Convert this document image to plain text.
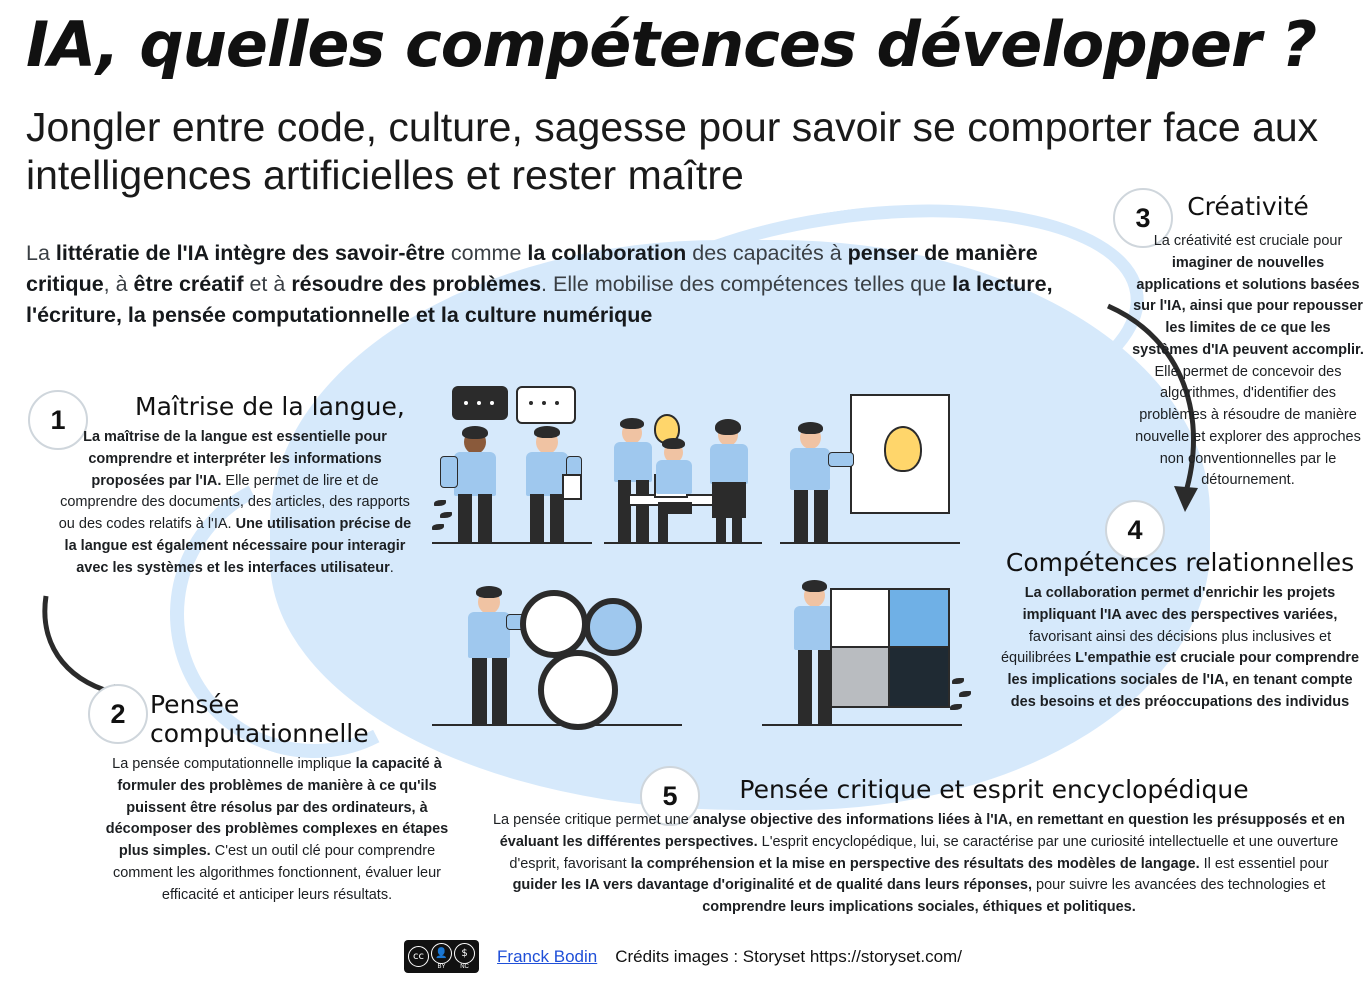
IA, quelles compétences développer ?
Jongler entre code, culture, sagesse pour savoir se comporter face aux intelligences artificielles et rester maître
La littératie de l'IA intègre des savoir-être comme la collaboration des capacités à penser de manière critique, à être créatif et à résoudre des problèmes. Elle mobilise des compétences telles que la lecture, l'écriture, la pensée computationnelle et la culture numérique
1
2
3
4
5
Maîtrise de la langue,

La maîtrise de la langue est essentielle pour comprendre et interpréter les informations proposées par l'IA. Elle permet de lire et de comprendre des documents, des articles, des rapports ou des codes relatifs à l'IA. Une utilisation précise de la langue est également nécessaire pour interagir avec les systèmes et les interfaces utilisateur.

Pensée computationnelle

La pensée computationnelle implique la capacité à formuler des problèmes de manière à ce qu'ils puissent être résolus par des ordinateurs, à décomposer des problèmes complexes en étapes plus simples. C'est un outil clé pour comprendre comment les algorithmes fonctionnent, évaluer leur efficacité et anticiper leurs résultats.

Créativité

La créativité est cruciale pour imaginer de nouvelles applications et solutions basées sur l'IA, ainsi que pour repousser les limites de ce que les systèmes d'IA peuvent accomplir. Elle permet de concevoir des algorithmes, d'identifier des problèmes à résoudre de manière nouvelle et explorer des approches non conventionnelles par le détournement.

Compétences relationnelles

La collaboration permet d'enrichir les projets impliquant l'IA avec des perspectives variées, favorisant ainsi des décisions plus inclusives et équilibrées L'empathie est cruciale pour comprendre les implications sociales de l'IA, en tenant compte des besoins et des préoccupations des individus

Pensée critique et esprit encyclopédique

La pensée critique permet une analyse objective des informations liées à l'IA, en remettant en question les présupposés et en évaluant les différentes perspectives. L'esprit encyclopédique, lui, se caractérise par une curiosité intellectuelle et une ouverture d'esprit, favorisant la compréhension et la mise en perspective des résultats des modèles de langage. Il est essentiel pour guider les IA vers davantage d'originalité et de qualité dans leurs réponses, pour suivre les avancées des technologies et comprendre leurs implications sociales, éthiques et politiques.

cc	👤
BY
$
NC
Franck Bodin Crédits images : Storyset https://storyset.com/
